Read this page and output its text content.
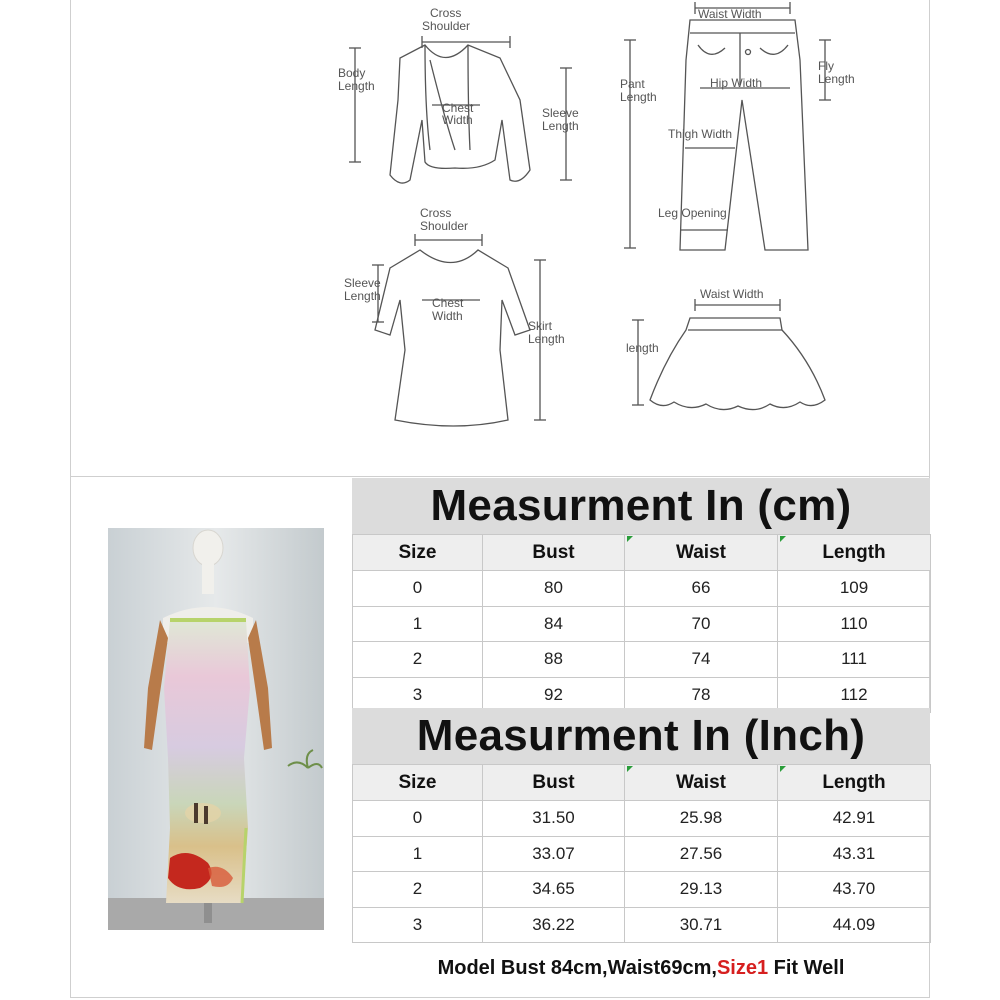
Cross
Shoulder
Body
Length
Chest
Width	Sleeve
Length
Waist Width
Pant
Length
Fly
Length
Hip Width
Thigh Width
Leg Opening
Cross
Shoulder
Sleeve
Length	Chest
Width
Skirt
Length
Waist Width
length
Measurment In (cm)
Size	Bust	Waist	Length
0	80	66	109
1	84	70	110
2	88	74	111
3	92	78	112
Measurment In (Inch)
Size	Bust	Waist	Length
0	31.50	25.98	42.91
1	33.07	27.56	43.31
2	34.65	29.13	43.70
3	36.22	30.71	44.09
Model Bust 84cm,Waist69cm, Size1 Fit Well
